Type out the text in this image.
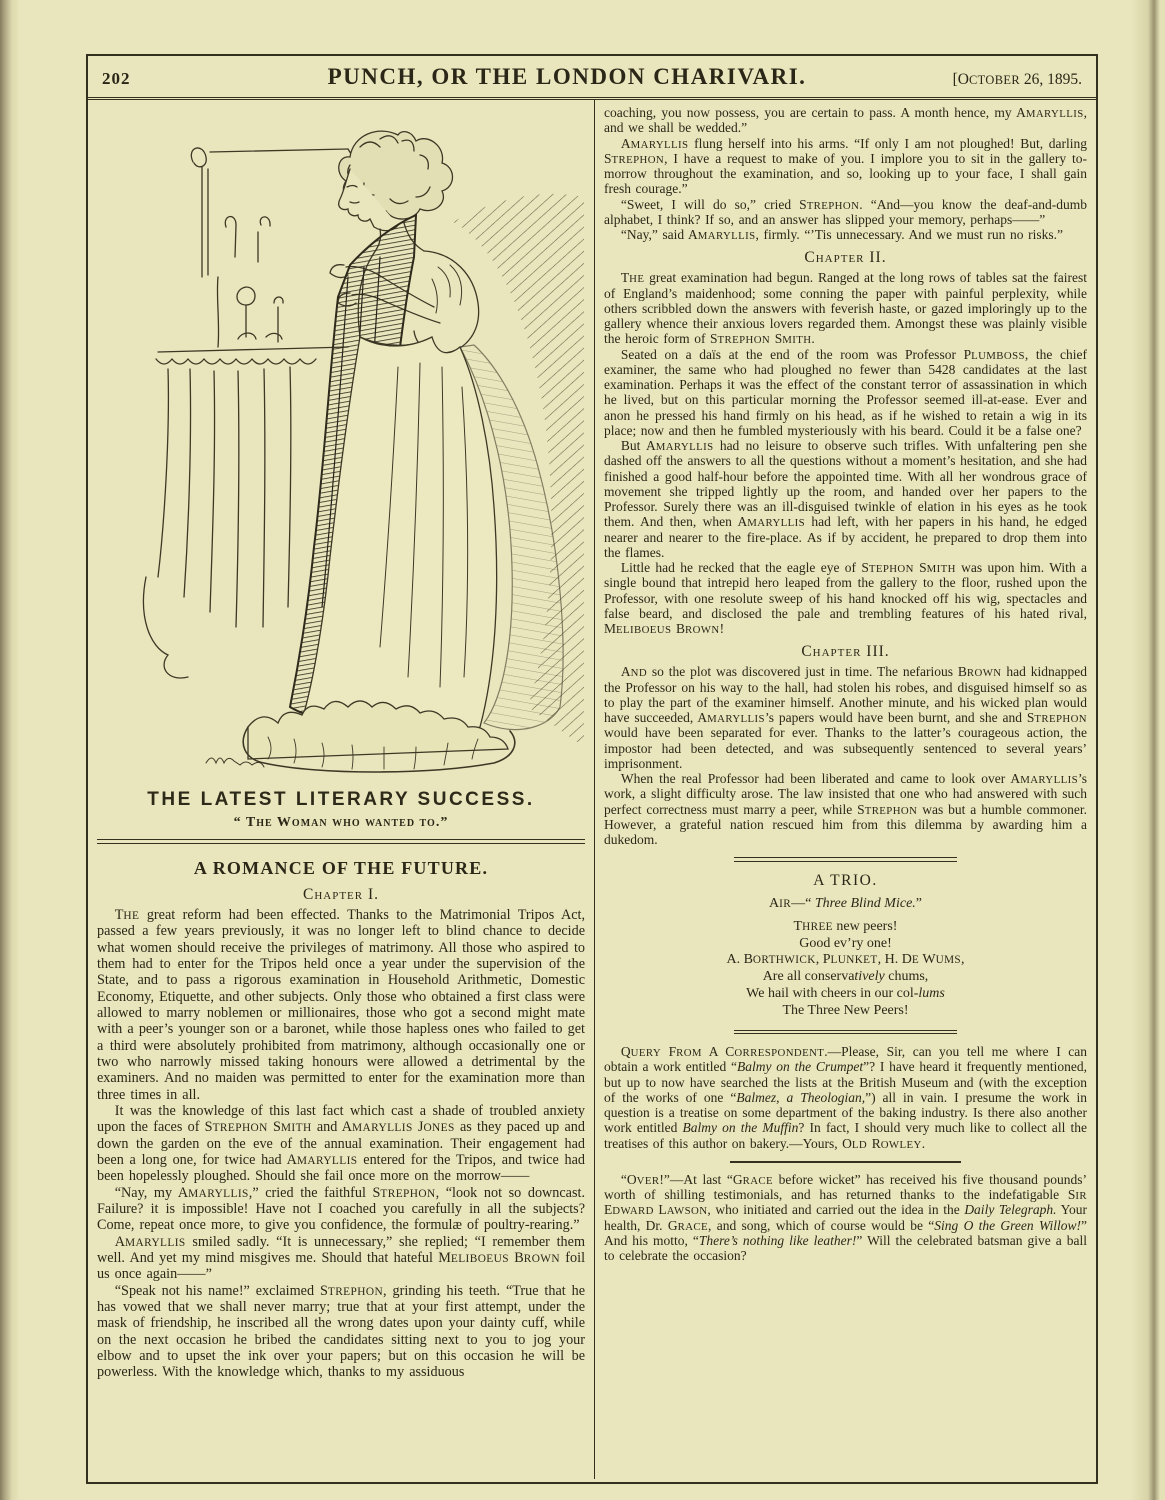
202	PUNCH, OR THE LONDON CHARIVARI.	[OCTOBER 26, 1895.
THE LATEST LITERARY SUCCESS.
“ The Woman who wanted to.”
A ROMANCE OF THE FUTURE.
Chapter I.

THE great reform had been effected. Thanks to the Matrimonial Tripos Act, passed a few years previously, it was no longer left to blind chance to decide what women should receive the privileges of matrimony. All those who aspired to them had to enter for the Tripos held once a year under the supervision of the State, and to pass a rigorous examination in Household Arithmetic, Domestic Economy, Etiquette, and other subjects. Only those who obtained a first class were allowed to marry noblemen or millionaires, those who got a second might mate with a peer’s younger son or a baronet, while those hapless ones who failed to get a third were absolutely prohibited from matrimony, although occasionally one or two who narrowly missed taking honours were allowed a detrimental by the examiners. And no maiden was permitted to enter for the examination more than three times in all.

It was the knowledge of this last fact which cast a shade of troubled anxiety upon the faces of STREPHON SMITH and AMARYLLIS JONES as they paced up and down the garden on the eve of the annual examination. Their engagement had been a long one, for twice had AMARYLLIS entered for the Tripos, and twice had been hopelessly ploughed. Should she fail once more on the morrow——

“Nay, my AMARYLLIS,” cried the faithful STREPHON, “look not so downcast. Failure? it is impossible! Have not I coached you carefully in all the subjects? Come, repeat once more, to give you confidence, the formulæ of poultry-rearing.”

AMARYLLIS smiled sadly. “It is unnecessary,” she replied; “I remember them well. And yet my mind misgives me. Should that hateful MELIBOEUS BROWN foil us once again——”

“Speak not his name!” exclaimed STREPHON, grinding his teeth. “True that he has vowed that we shall never marry; true that at your first attempt, under the mask of friendship, he inscribed all the wrong dates upon your dainty cuff, while on the next occasion he bribed the candidates sitting next to you to jog your elbow and to upset the ink over your papers; but on this occasion he will be powerless. With the knowledge which, thanks to my assiduous

coaching, you now possess, you are certain to pass. A month hence, my AMARYLLIS, and we shall be wedded.”

AMARYLLIS flung herself into his arms. “If only I am not ploughed! But, darling STREPHON, I have a request to make of you. I implore you to sit in the gallery to-morrow throughout the examination, and so, looking up to your face, I shall gain fresh courage.”

“Sweet, I will do so,” cried STREPHON. “And—you know the deaf-and-dumb alphabet, I think? If so, and an answer has slipped your memory, perhaps——”

“Nay,” said AMARYLLIS, firmly. “’Tis unnecessary. And we must run no risks.”

Chapter II.

THE great examination had begun. Ranged at the long rows of tables sat the fairest of England’s maidenhood; some conning the paper with painful perplexity, while others scribbled down the answers with feverish haste, or gazed imploringly up to the gallery whence their anxious lovers regarded them. Amongst these was plainly visible the heroic form of STREPHON SMITH.

Seated on a daïs at the end of the room was Professor PLUMBOSS, the chief examiner, the same who had ploughed no fewer than 5428 candidates at the last examination. Perhaps it was the effect of the constant terror of assassination in which he lived, but on this particular morning the Professor seemed ill-at-ease. Ever and anon he pressed his hand firmly on his head, as if he wished to retain a wig in its place; now and then he fumbled mysteriously with his beard. Could it be a false one?

But AMARYLLIS had no leisure to observe such trifles. With unfaltering pen she dashed off the answers to all the questions without a moment’s hesitation, and she had finished a good half-hour before the appointed time. With all her wondrous grace of movement she tripped lightly up the room, and handed over her papers to the Professor. Surely there was an ill-disguised twinkle of elation in his eyes as he took them. And then, when AMARYLLIS had left, with her papers in his hand, he edged nearer and nearer to the fire-place. As if by accident, he prepared to drop them into the flames.

Little had he recked that the eagle eye of STEPHON SMITH was upon him. With a single bound that intrepid hero leaped from the gallery to the floor, rushed upon the Professor, with one resolute sweep of his hand knocked off his wig, spectacles and false beard, and disclosed the pale and trembling features of his hated rival, MELIBOEUS BROWN!

Chapter III.

AND so the plot was discovered just in time. The nefarious BROWN had kidnapped the Professor on his way to the hall, had stolen his robes, and disguised himself so as to play the part of the examiner himself. Another minute, and his wicked plan would have succeeded, AMARYLLIS’s papers would have been burnt, and she and STREPHON would have been separated for ever. Thanks to the latter’s courageous action, the impostor had been detected, and was subsequently sentenced to several years’ imprisonment.

When the real Professor had been liberated and came to look over AMARYLLIS’s work, a slight difficulty arose. The law insisted that one who had answered with such perfect correctness must marry a peer, while STREPHON was but a humble commoner. However, a grateful nation rescued him from this dilemma by awarding him a dukedom.

A TRIO.
AIR—“ Three Blind Mice.”
THREE new peers!
Good ev’ry one!
A. BORTHWICK, PLUNKET, H. DE WUMS,
Are all conservatively chums,
We hail with cheers in our col-lums
The Three New Peers!

QUERY FROM A CORRESPONDENT.—Please, Sir, can you tell me where I can obtain a work entitled “Balmy on the Crumpet”? I have heard it frequently mentioned, but up to now have searched the lists at the British Museum and (with the exception of the works of one “Balmez, a Theologian,”) all in vain. I presume the work in question is a treatise on some department of the baking industry. Is there also another work entitled Balmy on the Muffin? In fact, I should very much like to collect all the treatises of this author on bakery.—Yours, OLD ROWLEY.

“OVER!”—At last “GRACE before wicket” has received his five thousand pounds’ worth of shilling testimonials, and has returned thanks to the indefatigable SIR EDWARD LAWSON, who initiated and carried out the idea in the Daily Telegraph. Your health, Dr. GRACE, and song, which of course would be “Sing O the Green Willow!” And his motto, “There’s nothing like leather!” Will the celebrated batsman give a ball to celebrate the occasion?
